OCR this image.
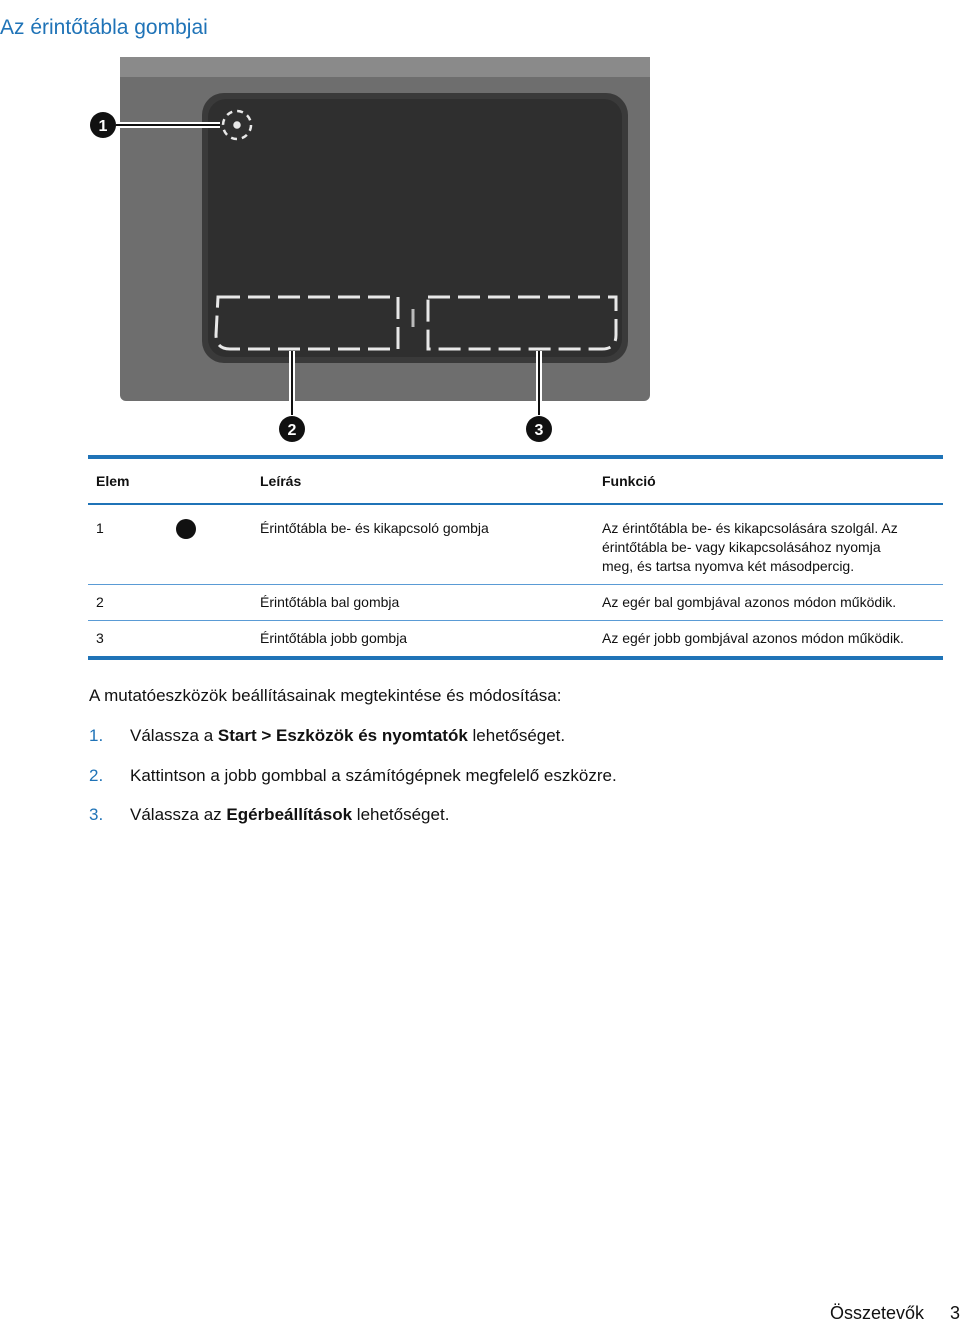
Az érintőtábla gombjai
1
2	3
Elem	Leírás	Funkció
1	Érintőtábla be- és kikapcsoló gombja	Az érintőtábla be- és kikapcsolására szolgál. Az
érintőtábla be- vagy kikapcsolásához nyomja
meg, és tartsa nyomva két másodpercig.

2	Érintőtábla bal gombja	Az egér bal gombjával azonos módon működik.
3	Érintőtábla jobb gombja	Az egér jobb gombjával azonos módon működik.

A mutatóeszközök beállításainak megtekintése és módosítása:

1.	Válassza a Start > Eszközök és nyomtatók lehetőséget.
2.	Kattintson a jobb gombbal a számítógépnek megfelelő eszközre.
3.	Válassza az Egérbeállítások lehetőséget.
Összetevők 3
